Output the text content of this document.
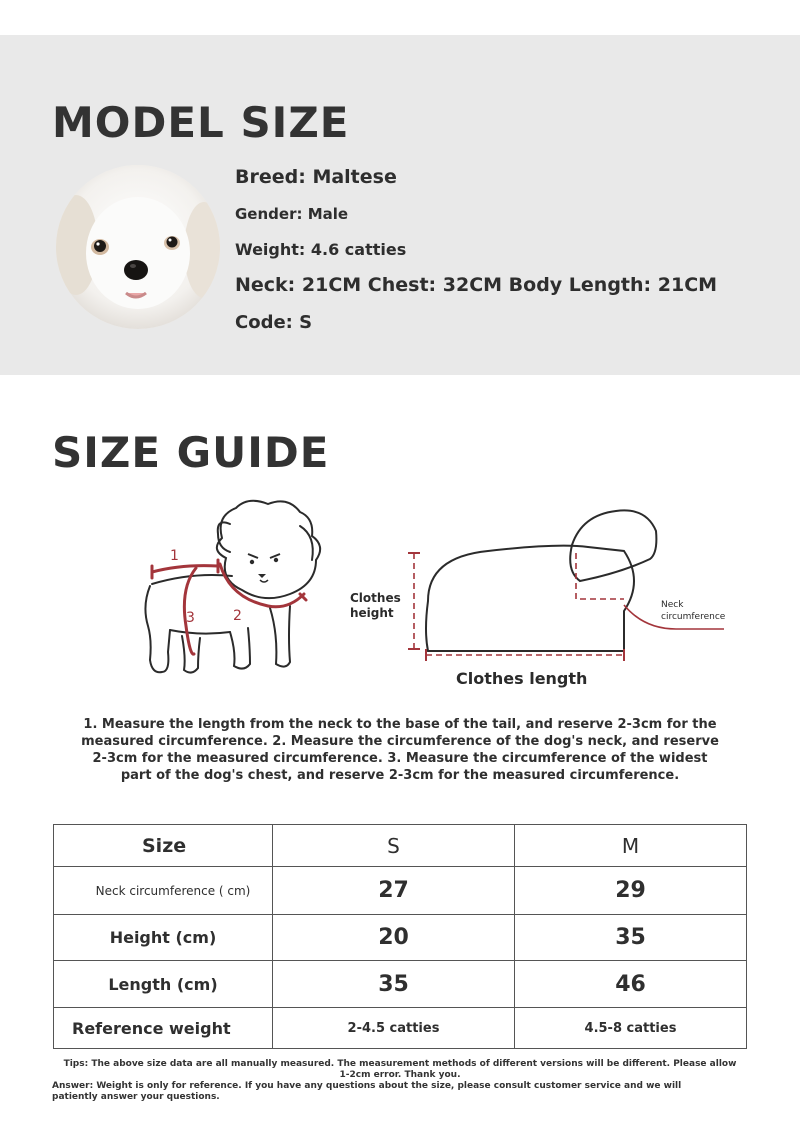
MODEL SIZE
Breed: Maltese
Gender: Male
Weight: 4.6 catties
Neck: 21CM Chest: 32CM Body Length: 21CM
Code: S
SIZE GUIDE
1
2
3
Clothes
height
Neck
circumference
Clothes length
1. Measure the length from the neck to the base of the tail, and reserve 2-3cm for the measured circumference. 2. Measure the circumference of the dog's neck, and reserve 2-3cm for the measured circumference. 3. Measure the circumference of the widest part of the dog's chest, and reserve 2-3cm for the measured circumference.
Size	S	M
Neck circumference ( cm)	27	29
Height (cm)	20	35
Length (cm)	35	46
Reference weight	2-4.5 catties	4.5-8 catties
Tips: The above size data are all manually measured. The measurement methods of different versions will be different. Please allow 1-2cm error. Thank you.
Answer: Weight is only for reference. If you have any questions about the size, please consult customer service and we will patiently answer your questions.
